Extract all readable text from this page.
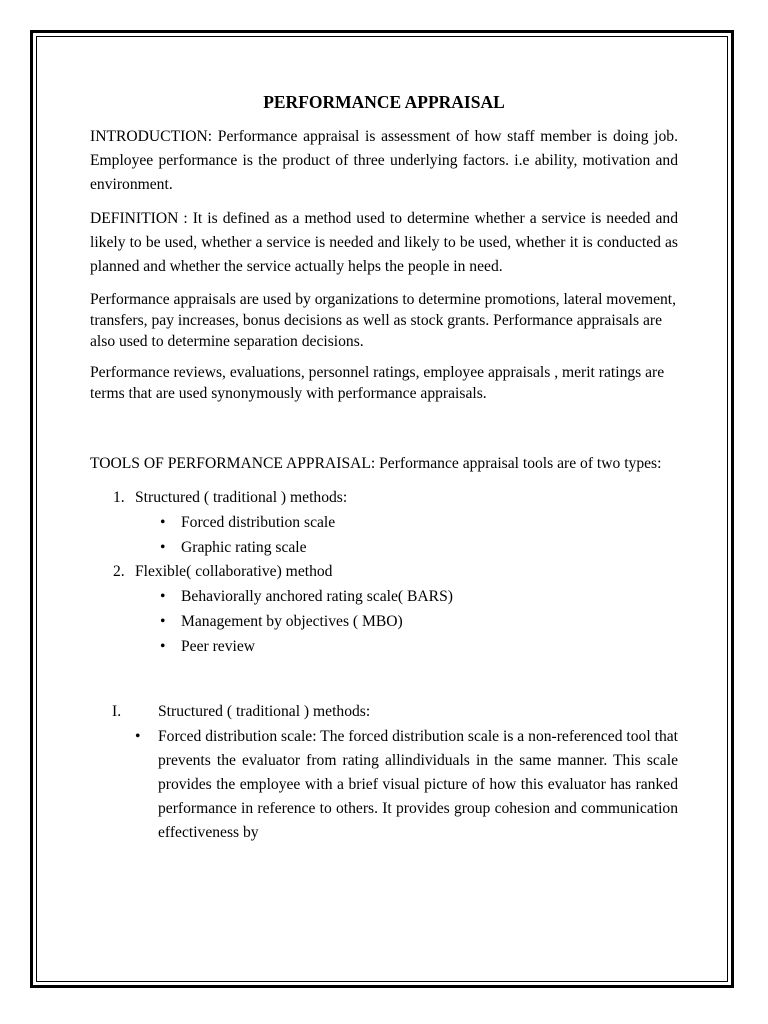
PERFORMANCE APPRAISAL

INTRODUCTION: Performance appraisal is assessment of how staff member is doing job. Employee performance is the product of three underlying factors. i.e ability, motivation and environment.

DEFINITION : It is defined as a method used to determine whether a service is needed and likely to be used, whether a service is needed and likely to be used, whether it is conducted as planned and whether the service actually helps the people in need.

Performance appraisals are used by organizations to determine promotions, lateral movement, transfers, pay increases, bonus decisions as well as stock grants. Performance appraisals are also used to determine separation decisions.

Performance reviews, evaluations, personnel ratings, employee appraisals , merit ratings are terms that are used synonymously with performance appraisals.

TOOLS OF PERFORMANCE APPRAISAL: Performance appraisal tools are of two types:

1. Structured ( traditional ) methods:
• Forced distribution scale
• Graphic rating scale
2. Flexible( collaborative) method
• Behaviorally anchored rating scale( BARS)
• Management by objectives ( MBO)
• Peer review
I. Structured ( traditional ) methods:
• Forced distribution scale: The forced distribution scale is a non-referenced tool that prevents the evaluator from rating allindividuals in the same manner. This scale provides the employee with a brief visual picture of how this evaluator has ranked performance in reference to others. It provides group cohesion and communication effectiveness by
